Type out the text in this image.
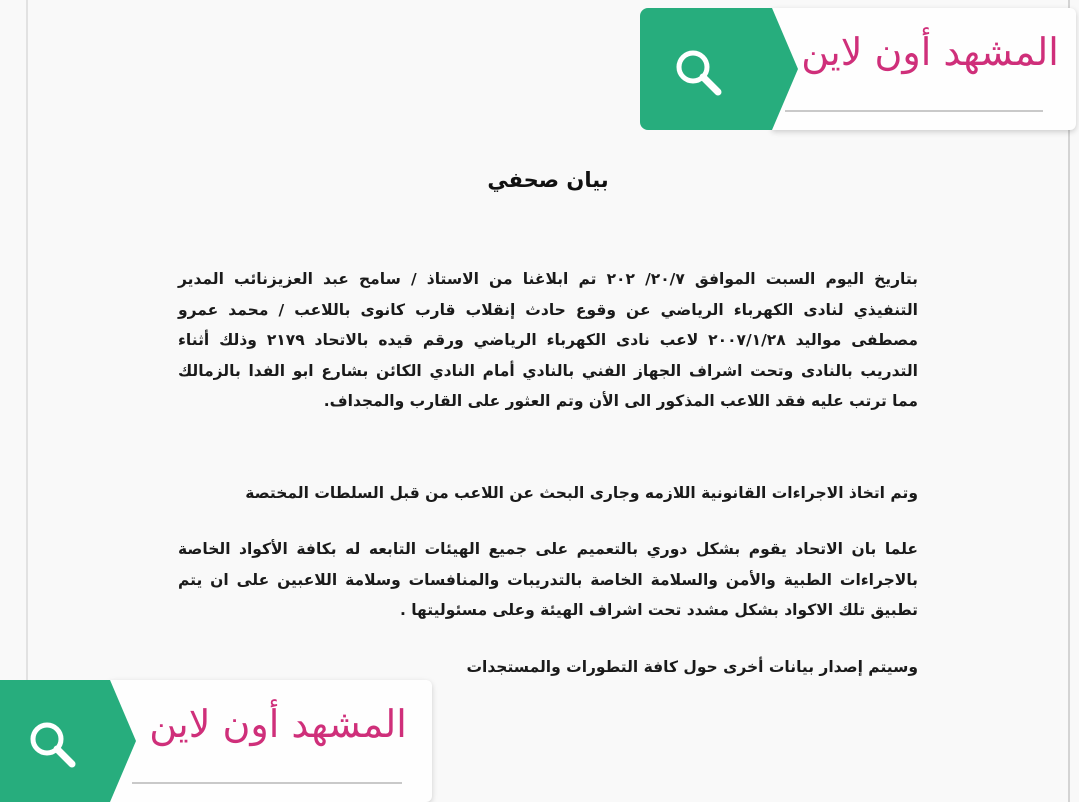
بيان صحفي
بتاريخ اليوم السبت الموافق ٢٠/٧/ ٢٠٢ تم ابلاغنا من الاستاذ / سامح عبد العزيزنائب المدير التنفيذي لنادى الكهرباء الرياضي عن وقوع حادث إنقلاب قارب كانوى باللاعب / محمد عمرو مصطفى مواليد ٢٠٠٧/١/٢٨ لاعب نادى الكهرباء الرياضي ورقم قيده بالاتحاد ٢١٧٩ وذلك أثناء التدريب بالنادى وتحت اشراف الجهاز الفني بالنادي أمام النادي الكائن بشارع ابو الفدا بالزمالك مما ترتب عليه فقد اللاعب المذكور الى الأن وتم العثور على القارب والمجداف.
وتم اتخاذ الاجراءات القانونية اللازمه وجارى البحث عن اللاعب من قبل السلطات المختصة
علما بان الاتحاد يقوم بشكل دوري بالتعميم على جميع الهيئات التابعه له بكافة الأكواد الخاصة بالاجراءات الطبية والأمن والسلامة الخاصة بالتدريبات والمنافسات وسلامة اللاعبين على ان يتم تطبيق تلك الاكواد بشكل مشدد تحت اشراف الهيئة وعلى مسئوليتها .
وسيتم إصدار بيانات أخرى حول كافة التطورات والمستجدات
المشهد أون لاين
المشهد أون لاين
